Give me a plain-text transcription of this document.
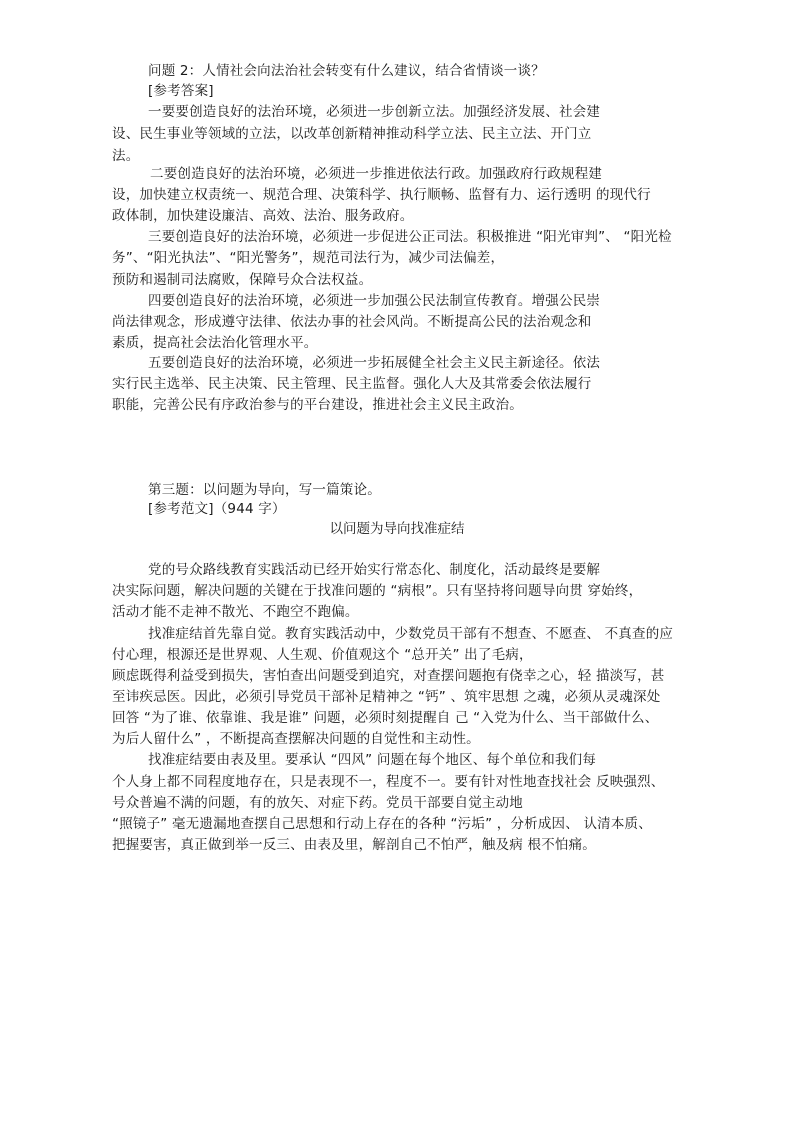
问题 2：人情社会向法治社会转变有什么建议，结合省情谈一谈？
[参考答案]
一要要创造良好的法治环境，必须进一步创新立法。加强经济发展、社会建
设、民生事业等领域的立法，以改革创新精神推动科学立法、民主立法、开门立
法。
二要创造良好的法治环境，必须进一步推进依法行政。加强政府行政规程建
设，加快建立权责统一、规范合理、决策科学、执行顺畅、监督有力、运行透明 的现代行
政体制，加快建设廉洁、高效、法治、服务政府。
三要创造良好的法治环境，必须进一步促进公正司法。积极推进 “阳光审判”、 “阳光检
务”、“阳光执法”、“阳光警务”，规范司法行为，减少司法偏差，
预防和遏制司法腐败，保障号众合法权益。
四要创造良好的法治环境，必须进一步加强公民法制宣传教育。增强公民崇
尚法律观念，形成遵守法律、依法办事的社会风尚。不断提高公民的法治观念和
素质，提高社会法治化管理水平。
五要创造良好的法治环境，必须进一步拓展健全社会主义民主新途径。依法
实行民主选举、民主决策、民主管理、民主监督。强化人大及其常委会依法履行
职能，完善公民有序政治参与的平台建设，推进社会主义民主政治。
第三题：以问题为导向，写一篇策论。
[参考范文]（944 字）
以问题为导向找准症结
党的号众路线教育实践活动已经开始实行常态化、制度化，活动最终是要解
决实际问题，解决问题的关键在于找准问题的 “病根”。只有坚持将问题导向贯 穿始终，
活动才能不走神不散光、不跑空不跑偏。
找准症结首先靠自觉。教育实践活动中，少数党员干部有不想查、不愿查、 不真查的应
付心理，根源还是世界观、人生观、价值观这个 “总开关” 出了毛病，
顾虑既得利益受到损失，害怕查出问题受到追究，对查摆问题抱有侥幸之心，轻 描淡写，甚
至讳疾忌医。因此，必须引导党员干部补足精神之 “钙” 、筑牢思想 之魂，必须从灵魂深处
回答 “为了谁、依靠谁、我是谁” 问题，必须时刻提醒自 己 “入党为什么、当干部做什么、
为后人留什么” ，不断提高查摆解决问题的自觉性和主动性。
找准症结要由表及里。要承认 “四风” 问题在每个地区、每个单位和我们每
个人身上都不同程度地存在，只是表现不一，程度不一。要有针对性地查找社会 反映强烈、
号众普遍不满的问题，有的放矢、对症下药。党员干部要自觉主动地
“照镜子” 毫无遗漏地查摆自己思想和行动上存在的各种 “污垢” ，分析成因、 认清本质、
把握要害，真正做到举一反三、由表及里，解剖自己不怕严，触及病 根不怕痛。
